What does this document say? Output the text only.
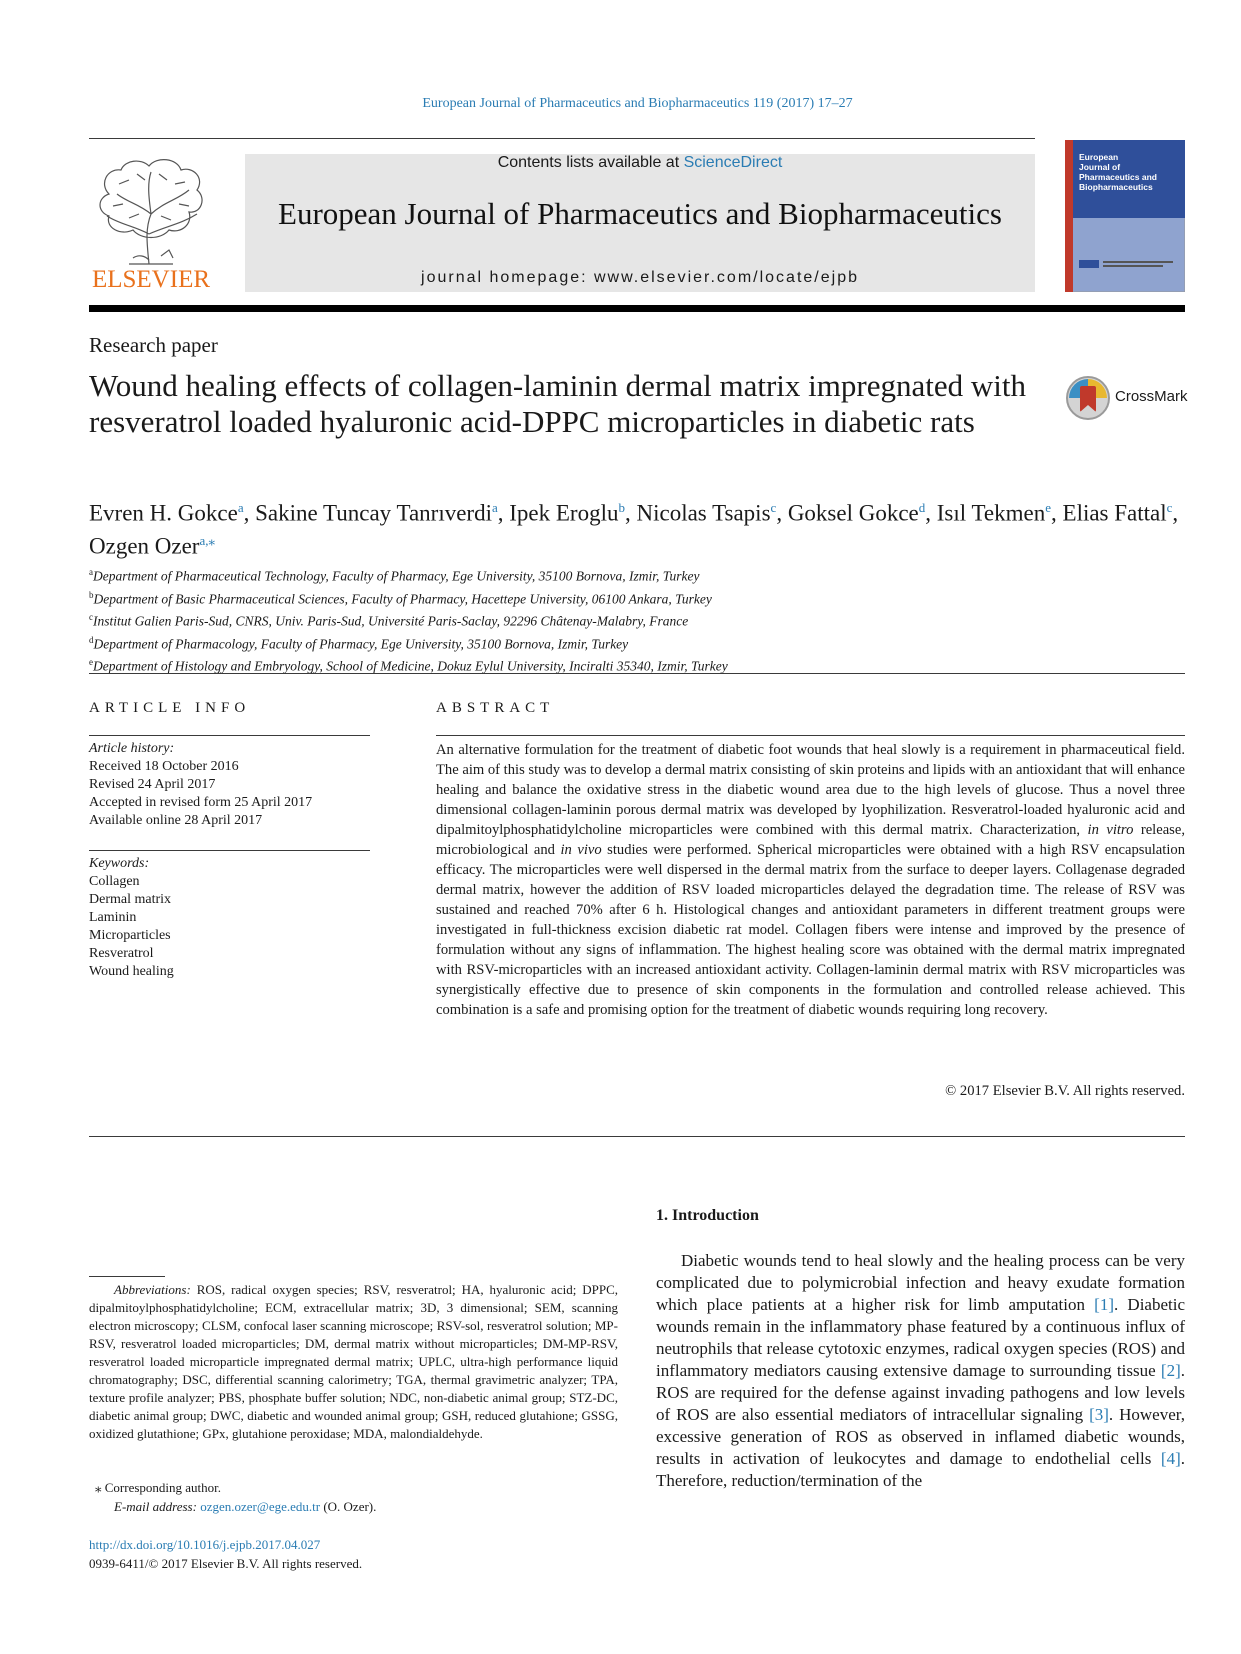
European Journal of Pharmaceutics and Biopharmaceutics 119 (2017) 17–27
ELSEVIER
Contents lists available at ScienceDirect
European Journal of Pharmaceutics and Biopharmaceutics
journal homepage: www.elsevier.com/locate/ejpb
European
Journal of
Pharmaceutics and
Biopharmaceutics
Research paper
Wound healing effects of collagen-laminin dermal matrix impregnated with resveratrol loaded hyaluronic acid-DPPC microparticles in diabetic rats
CrossMark
Evren H. Gokce$^a$, Sakine Tuncay Tanrıverdi$^a$, Ipek Eroglu$^b$, Nicolas Tsapis$^c$, Goksel Gokce$^d$, Isıl Tekmen$^e$, Elias Fattal$^c$, Ozgen Ozer$^{a,⁎}$
$^a$Department of Pharmaceutical Technology, Faculty of Pharmacy, Ege University, 35100 Bornova, Izmir, Turkey
$^b$Department of Basic Pharmaceutical Sciences, Faculty of Pharmacy, Hacettepe University, 06100 Ankara, Turkey
$^c$Institut Galien Paris-Sud, CNRS, Univ. Paris-Sud, Université Paris-Saclay, 92296 Châtenay-Malabry, France
$^d$Department of Pharmacology, Faculty of Pharmacy, Ege University, 35100 Bornova, Izmir, Turkey
$^e$Department of Histology and Embryology, School of Medicine, Dokuz Eylul University, Inciralti 35340, Izmir, Turkey
ARTICLE INFO	ABSTRACT
Article history:
Received 18 October 2016
Revised 24 April 2017
Accepted in revised form 25 April 2017
Available online 28 April 2017
Keywords:
Collagen
Dermal matrix
Laminin
Microparticles
Resveratrol
Wound healing
An alternative formulation for the treatment of diabetic foot wounds that heal slowly is a requirement in pharmaceutical field. The aim of this study was to develop a dermal matrix consisting of skin proteins and lipids with an antioxidant that will enhance healing and balance the oxidative stress in the diabetic wound area due to the high levels of glucose. Thus a novel three dimensional collagen-laminin porous dermal matrix was developed by lyophilization. Resveratrol-loaded hyaluronic acid and dipalmitoylphosphatidylcholine microparticles were combined with this dermal matrix. Characterization, in vitro release, microbiological and in vivo studies were performed. Spherical microparticles were obtained with a high RSV encapsulation efficacy. The microparticles were well dispersed in the dermal matrix from the surface to deeper layers. Collagenase degraded dermal matrix, however the addition of RSV loaded microparticles delayed the degradation time. The release of RSV was sustained and reached 70% after 6 h. Histological changes and antioxidant parameters in different treatment groups were investigated in full-thickness excision diabetic rat model. Collagen fibers were intense and improved by the presence of formulation without any signs of inflammation. The highest healing score was obtained with the dermal matrix impregnated with RSV-microparticles with an increased antioxidant activity. Collagen-laminin dermal matrix with RSV microparticles was synergistically effective due to presence of skin components in the formulation and controlled release achieved. This combination is a safe and promising option for the treatment of diabetic wounds requiring long recovery.
© 2017 Elsevier B.V. All rights reserved.
Abbreviations: ROS, radical oxygen species; RSV, resveratrol; HA, hyaluronic acid; DPPC, dipalmitoylphosphatidylcholine; ECM, extracellular matrix; 3D, 3 dimensional; SEM, scanning electron microscopy; CLSM, confocal laser scanning microscope; RSV-sol, resveratrol solution; MP-RSV, resveratrol loaded microparticles; DM, dermal matrix without microparticles; DM-MP-RSV, resveratrol loaded microparticle impregnated dermal matrix; UPLC, ultra-high performance liquid chromatography; DSC, differential scanning calorimetry; TGA, thermal gravimetric analyzer; TPA, texture profile analyzer; PBS, phosphate buffer solution; NDC, non-diabetic animal group; STZ-DC, diabetic animal group; DWC, diabetic and wounded animal group; GSH, reduced glutahione; GSSG, oxidized glutathione; GPx, glutahione peroxidase; MDA, malondialdehyde.
⁎ Corresponding author.
E-mail address: ozgen.ozer@ege.edu.tr (O. Ozer).
http://dx.doi.org/10.1016/j.ejpb.2017.04.027
0939-6411/© 2017 Elsevier B.V. All rights reserved.
1. Introduction
Diabetic wounds tend to heal slowly and the healing process can be very complicated due to polymicrobial infection and heavy exudate formation which place patients at a higher risk for limb amputation [1]. Diabetic wounds remain in the inflammatory phase featured by a continuous influx of neutrophils that release cytotoxic enzymes, radical oxygen species (ROS) and inflammatory mediators causing extensive damage to surrounding tissue [2]. ROS are required for the defense against invading pathogens and low levels of ROS are also essential mediators of intracellular signaling [3]. However, excessive generation of ROS as observed in inflamed diabetic wounds, results in activation of leukocytes and damage to endothelial cells [4]. Therefore, reduction/termination of the
